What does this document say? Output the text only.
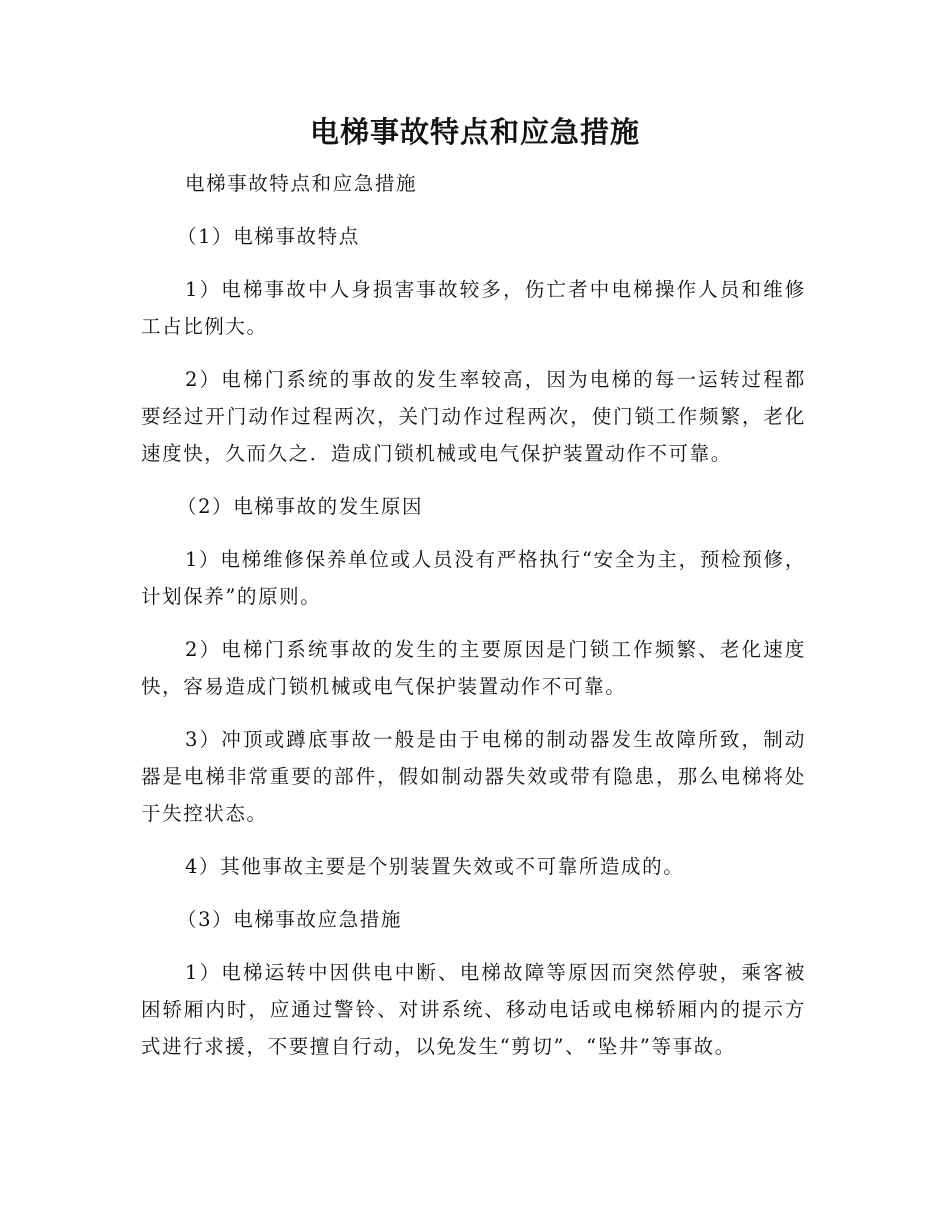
电梯事故特点和应急措施

电梯事故特点和应急措施

（1）电梯事故特点

1）电梯事故中人身损害事故较多，伤亡者中电梯操作人员和维修工占比例大。

2）电梯门系统的事故的发生率较高，因为电梯的每一运转过程都要经过开门动作过程两次，关门动作过程两次，使门锁工作频繁，老化速度快，久而久之．造成门锁机械或电气保护装置动作不可靠。

（2）电梯事故的发生原因

1）电梯维修保养单位或人员没有严格执行“安全为主，预检预修，计划保养”的原则。

2）电梯门系统事故的发生的主要原因是门锁工作频繁、老化速度快，容易造成门锁机械或电气保护装置动作不可靠。

3）冲顶或蹲底事故一般是由于电梯的制动器发生故障所致，制动器是电梯非常重要的部件，假如制动器失效或带有隐患，那么电梯将处于失控状态。

4）其他事故主要是个别装置失效或不可靠所造成的。

（3）电梯事故应急措施

1）电梯运转中因供电中断、电梯故障等原因而突然停驶，乘客被困轿厢内时，应通过警铃、对讲系统、移动电话或电梯轿厢内的提示方式进行求援，不要擅自行动，以免发生“剪切”、“坠井”等事故。
